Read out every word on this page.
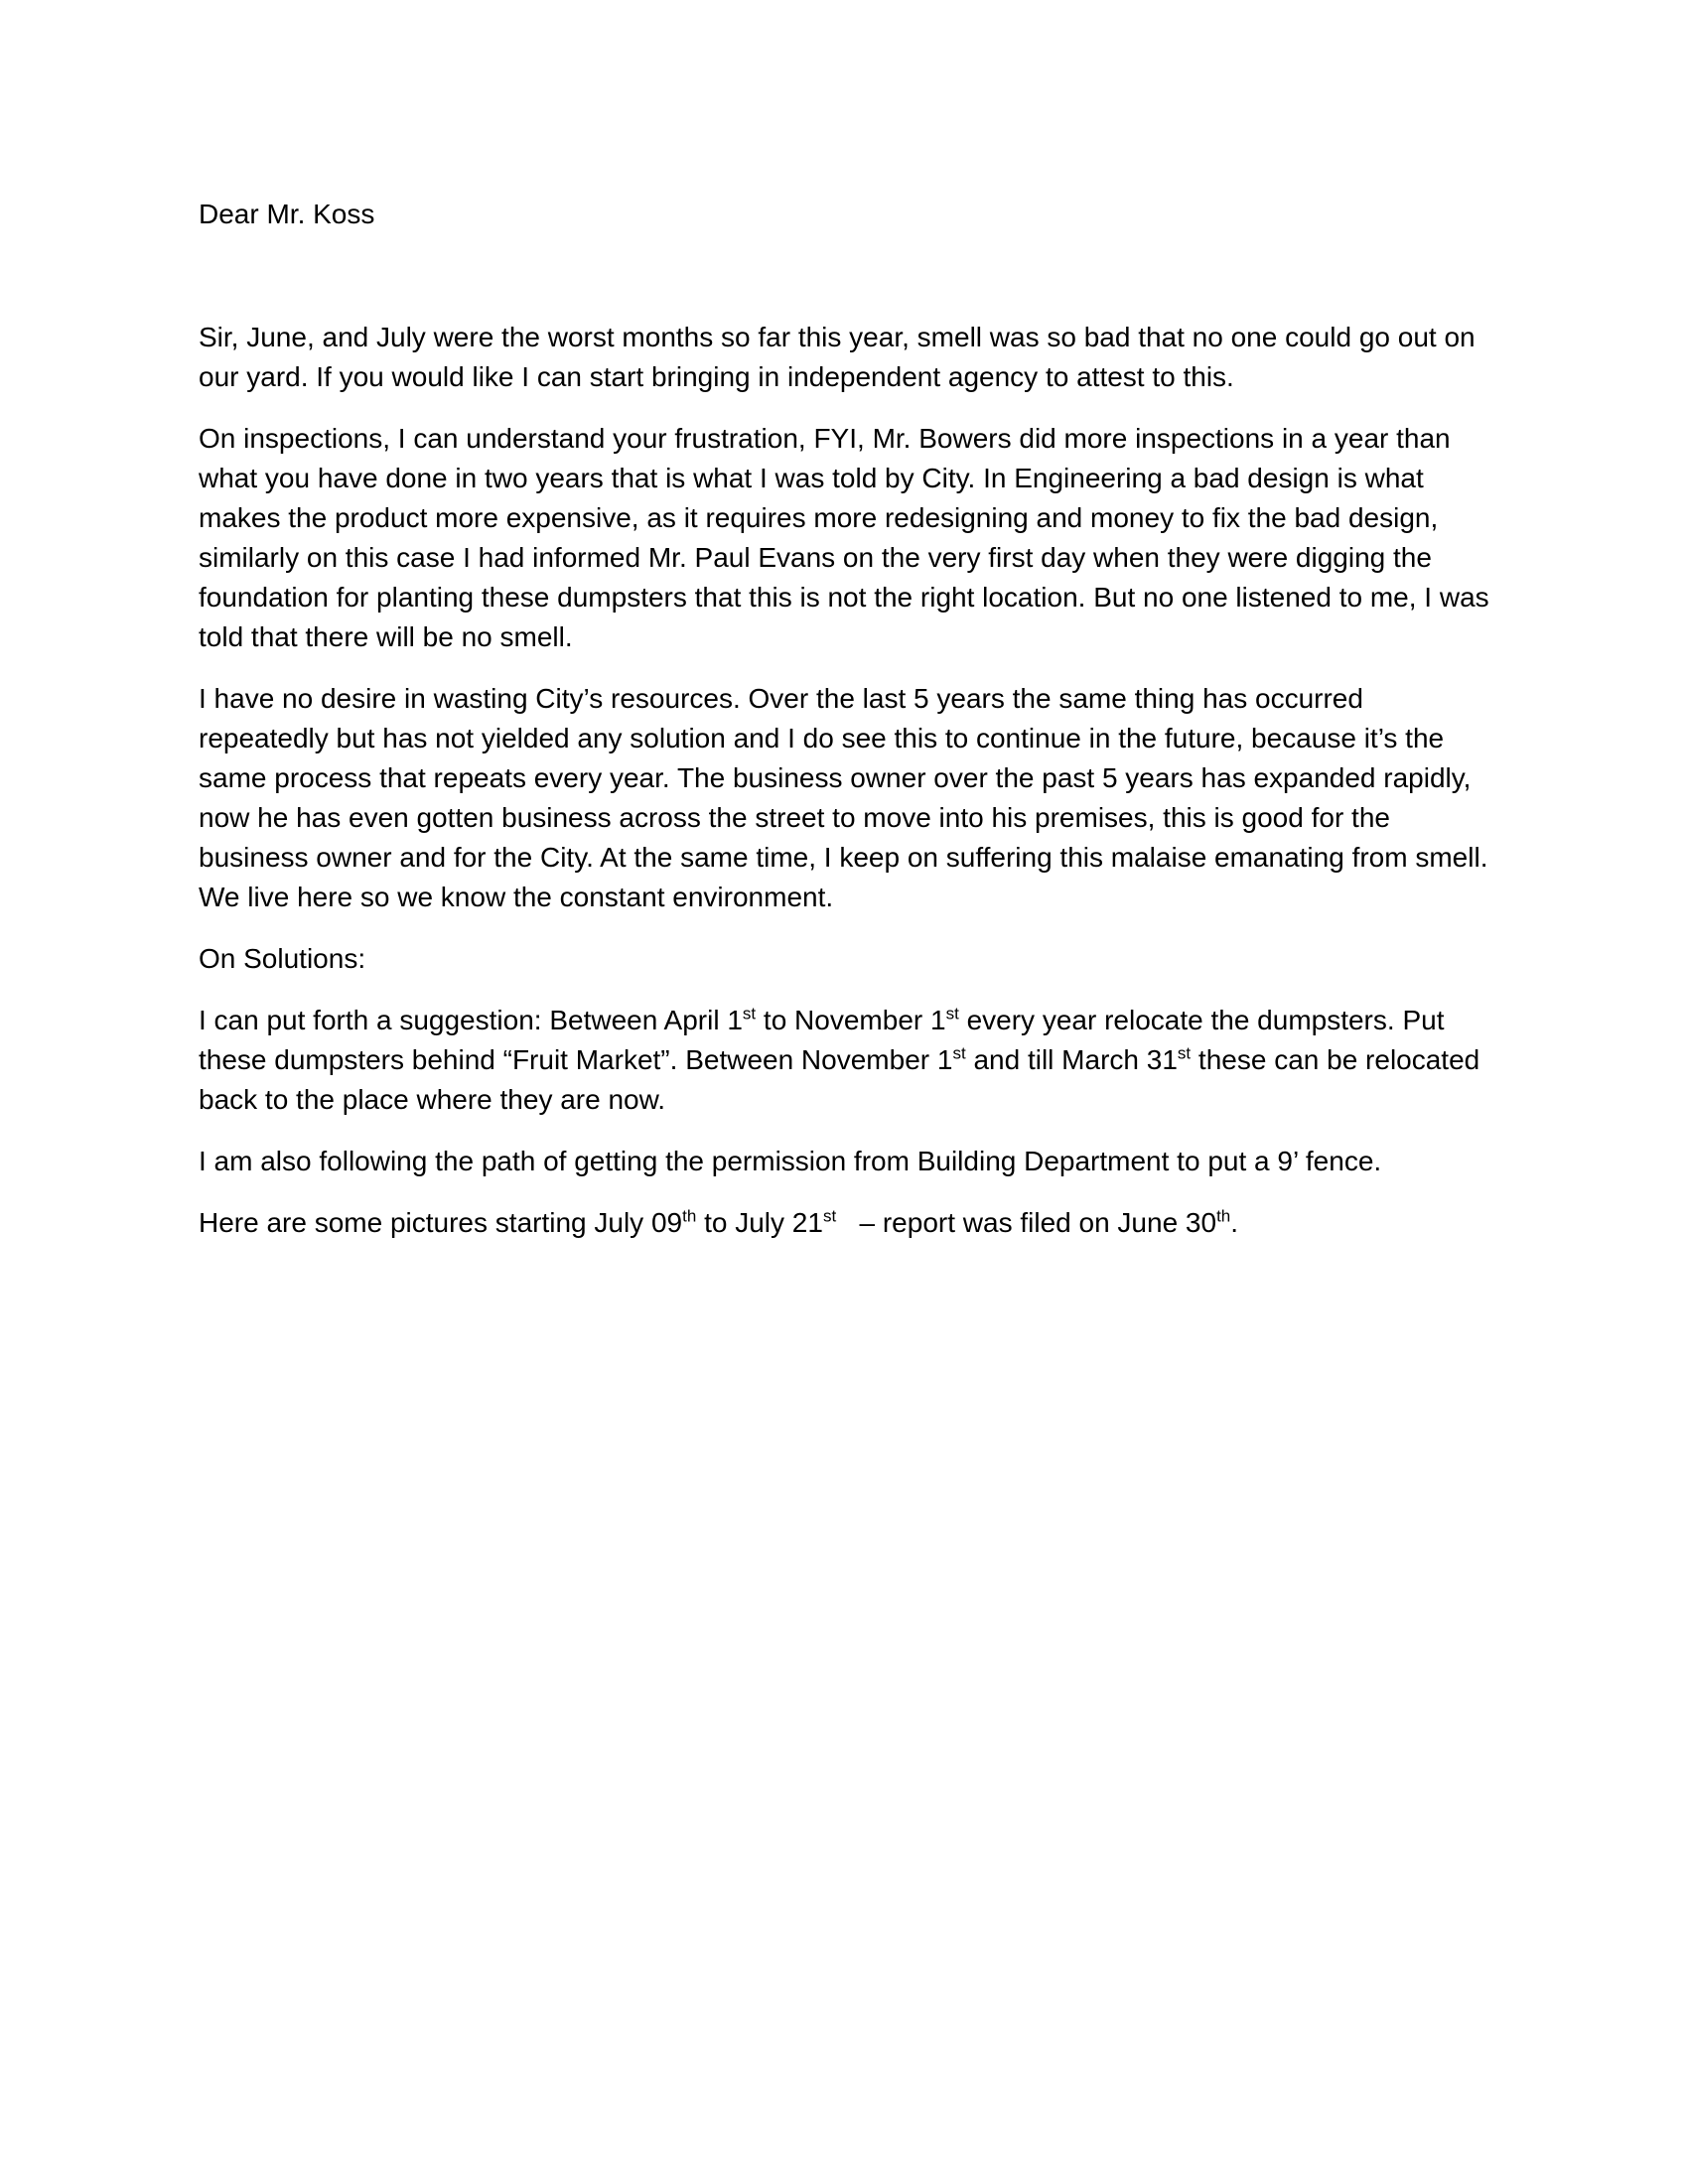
Dear Mr. Koss

Sir, June, and July were the worst months so far this year, smell was so bad that no one could go out on our yard. If you would like I can start bringing in independent agency to attest to this.

On inspections, I can understand your frustration, FYI, Mr. Bowers did more inspections in a year than what you have done in two years that is what I was told by City. In Engineering a bad design is what makes the product more expensive, as it requires more redesigning and money to fix the bad design, similarly on this case I had informed Mr. Paul Evans on the very first day when they were digging the foundation for planting these dumpsters that this is not the right location. But no one listened to me, I was told that there will be no smell.

I have no desire in wasting City’s resources. Over the last 5 years the same thing has occurred repeatedly but has not yielded any solution and I do see this to continue in the future, because it’s the same process that repeats every year. The business owner over the past 5 years has expanded rapidly, now he has even gotten business across the street to move into his premises, this is good for the business owner and for the City. At the same time, I keep on suffering this malaise emanating from smell. We live here so we know the constant environment.

On Solutions:

I can put forth a suggestion: Between April 1st to November 1st every year relocate the dumpsters. Put these dumpsters behind “Fruit Market”. Between November 1st and till March 31st these can be relocated back to the place where they are now.

I am also following the path of getting the permission from Building Department to put a 9’ fence.

Here are some pictures starting July 09th to July 21st   – report was filed on June 30th.
